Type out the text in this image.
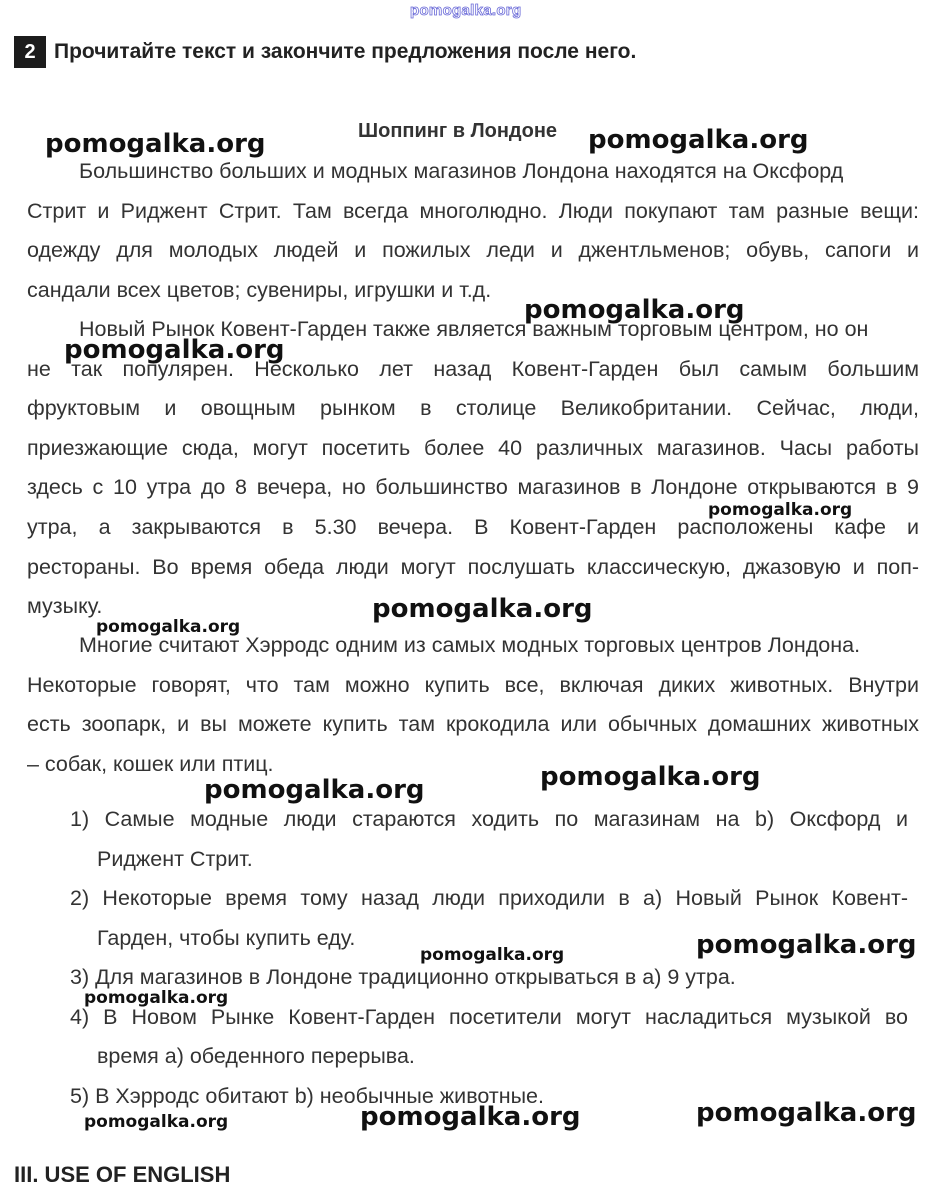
pomogalka.org
2 Прочитайте текст и закончите предложения после него.
Шоппинг в Лондоне
Большинство больших и модных магазинов Лондона находятся на Оксфорд
Стрит и Риджент Стрит. Там всегда многолюдно. Люди покупают там разные вещи:
одежду для молодых людей и пожилых леди и джентльменов; обувь, сапоги и
сандали всех цветов; сувениры, игрушки и т.д.
Новый Рынок Ковент-Гарден также является важным торговым центром, но он
не так популярен. Несколько лет назад Ковент-Гарден был самым большим
фруктовым и овощным рынком в столице Великобритании. Сейчас, люди,
приезжающие сюда, могут посетить более 40 различных магазинов. Часы работы
здесь с 10 утра до 8 вечера, но большинство магазинов в Лондоне открываются в 9
утра, а закрываются в 5.30 вечера. В Ковент-Гарден расположены кафе и
рестораны. Во время обеда люди могут послушать классическую, джазовую и поп-
музыку.
Многие считают Хэрродс одним из самых модных торговых центров Лондона.
Некоторые говорят, что там можно купить все, включая диких животных. Внутри
есть зоопарк, и вы можете купить там крокодила или обычных домашних животных
– собак, кошек или птиц.
1) Самые модные люди стараются ходить по магазинам на b) Оксфорд и
Риджент Стрит.
2) Некоторые время тому назад люди приходили в a) Новый Рынок Ковент-
Гарден, чтобы купить еду.
3) Для магазинов в Лондоне традиционно открываться в a) 9 утра.
4) В Новом Рынке Ковент-Гарден посетители могут насладиться музыкой во
время a) обеденного перерыва.
5) В Хэрродс обитают b) необычные животные.
III. USE OF ENGLISH
pomogalka.org	pomogalka.org
pomogalka.org
pomogalka.org
pomogalka.org
pomogalka.org
pomogalka.org
pomogalka.org
pomogalka.org
pomogalka.org
pomogalka.org
pomogalka.org
pomogalka.org
pomogalka.org
pomogalka.org
